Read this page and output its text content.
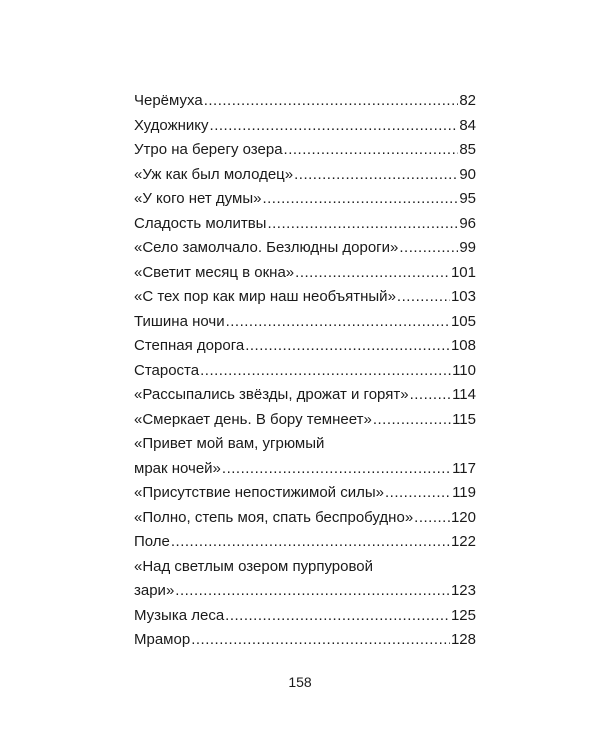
Черёмуха .....	82
Художнику .....	84
Утро на берегу озера .....	85
«Уж как был молодец» .....	90
«У кого нет думы» .....	95
Сладость молитвы .....	96
«Село замолчало. Безлюдны дороги» .....	99
«Светит месяц в окна» .....	101
«С тех пор как мир наш необъятный» .....	103
Тишина ночи .....	105
Степная дорога .....	108
Староста .....	110
«Рассыпались звёзды, дрожат и горят» .....	114
«Смеркает день. В бору темнеет» .....	115
«Привет мой вам, угрюмый
мрак ночей» .....	117
«Присутствие непостижимой силы» .....	119
«Полно, степь моя, спать беспробудно» .....	120
Поле .....	122
«Над светлым озером пурпуровой
зари» .....	123
Музыка леса .....	125
Мрамор .....	128
158
